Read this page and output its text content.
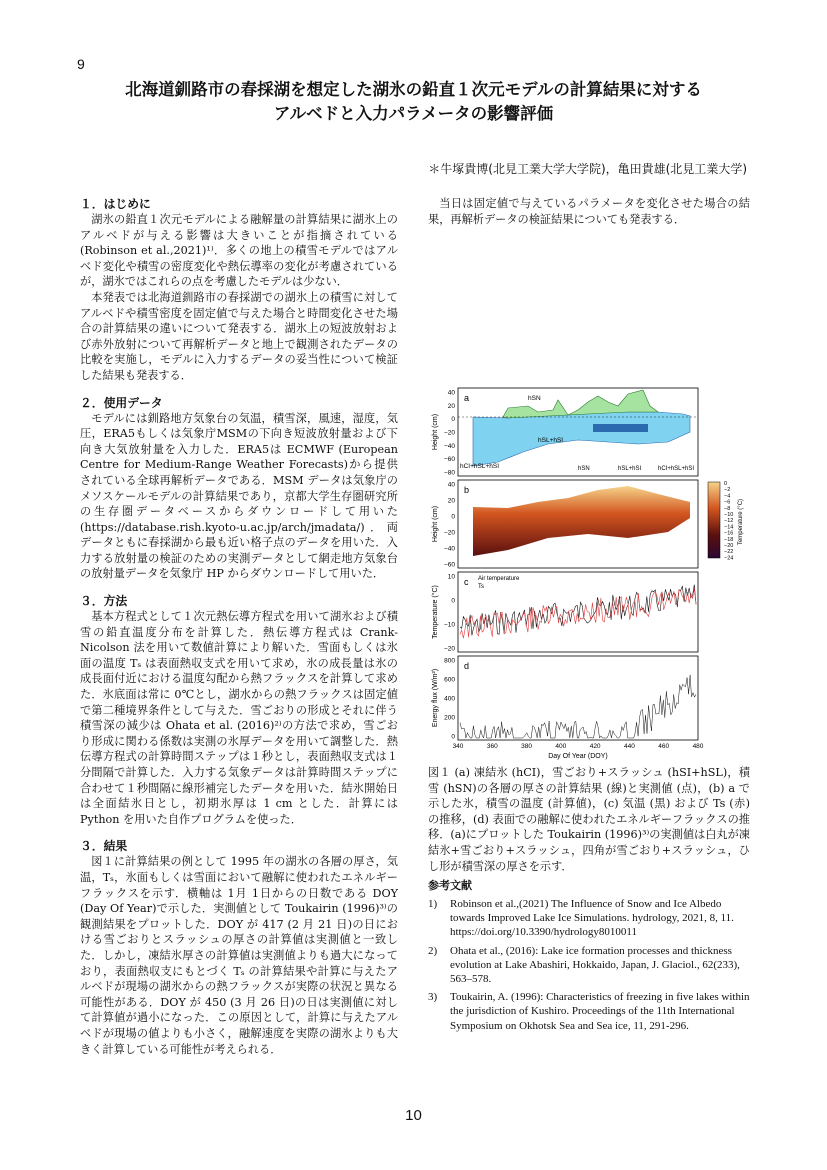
9
北海道釧路市の春採湖を想定した湖氷の鉛直１次元モデルの計算結果に対する
アルベドと入力パラメータの影響評価
＊牛塚貴博(北見工業大学大学院)，亀田貴雄(北見工業大学)
１．はじめに

湖氷の鉛直１次元モデルによる融解量の計算結果に湖氷上のアルベドが与える影響は大きいことが指摘されている(Robinson et al.,2021)¹⁾．多くの地上の積雪モデルではアルベド変化や積雪の密度変化や熱伝導率の変化が考慮されているが，湖氷ではこれらの点を考慮したモデルは少ない．

本発表では北海道釧路市の春採湖での湖氷上の積雪に対してアルベドや積雪密度を固定値で与えた場合と時間変化させた場合の計算結果の違いについて発表する．湖氷上の短波放射および赤外放射について再解析データと地上で観測されたデータの比較を実施し，モデルに入力するデータの妥当性について検証した結果も発表する．

２．使用データ

モデルには釧路地方気象台の気温，積雪深，風速，湿度，気圧，ERA5もしくは気象庁MSMの下向き短波放射量および下向き大気放射量を入力した．ERA5は ECMWF (European Centre for Medium-Range Weather Forecasts)から提供されている全球再解析データである．MSM データは気象庁のメソスケールモデルの計算結果であり，京都大学生存圏研究所の生存圏データベースからダウンロードして用いた(https://database.rish.kyoto-u.ac.jp/arch/jmadata/)．両データともに春採湖から最も近い格子点のデータを用いた．入力する放射量の検証のための実測データとして網走地方気象台の放射量データを気象庁 HP からダウンロードして用いた．

３．方法

基本方程式として１次元熱伝導方程式を用いて湖氷および積雪の鉛直温度分布を計算した．熱伝導方程式は Crank-Nicolson 法を用いて数値計算により解いた．雪面もしくは氷面の温度 Tₛ は表面熱収支式を用いて求め，氷の成長量は氷の成長面付近における温度勾配から熱フラックスを計算して求めた．氷底面は常に 0℃とし，湖水からの熱フラックスは固定値で第二種境界条件として与えた．雪ごおりの形成とそれに伴う積雪深の減少は Ohata et al. (2016)²⁾の方法で求め，雪ごおり形成に関わる係数は実測の氷厚データを用いて調整した．熱伝導方程式の計算時間ステップは１秒とし，表面熱収支式は１分間隔で計算した．入力する気象データは計算時間ステップに合わせて１秒間隔に線形補完したデータを用いた．結氷開始日は全面結氷日とし，初期氷厚は 1 cm とした．計算には Python を用いた自作プログラムを使った．

３．結果

図１に計算結果の例として 1995 年の湖氷の各層の厚さ，気温，Tₛ，氷面もしくは雪面において融解に使われたエネルギーフラックスを示す．横軸は 1月 1日からの日数である DOY (Day Of Year)で示した．実測値として Toukairin (1996)³⁾の観測結果をプロットした．DOY が 417 (2 月 21 日)の日における雪ごおりとスラッシュの厚さの計算値は実測値と一致した．しかし，凍結氷厚さの計算値は実測値よりも過大になっており，表面熱収支にもとづく Tₛ の計算結果や計算に与えたアルベドが現場の湖氷からの熱フラックスが実際の状況と異なる可能性がある．DOY が 450 (3 月 26 日)の日は実測値に対して計算値が過小になった．この原因として，計算に与えたアルベドが現場の値よりも小さく，融解速度を実際の湖氷よりも大きく計算している可能性が考えられる．

当日は固定値で与えているパラメータを変化させた場合の結果，再解析データの検証結果についても発表する．

a
Height (cm)
40
20
0
−20
−40
−60
−80
b
Height (cm)
40
20
0
−20
−40
−60
c
Temperature (°C)
10
0
−10
−20
d
Energy flux (W/m²)
800
600
400
200
0
340	360	380	400	420	440	460	480
Day Of Year (DOY)
hSN
hSL+hSI
hCI+hSL+hSI	hSN	hSL+hSI	hCI+hSL+hSI
Air temperature
Ts
0
−2
−4
−6
−8
−10
−12
−14
−16
−18
−20
−22
−24
Temperature (°C)
図１ (a) 凍結氷 (hCI)，雪ごおり+スラッシュ (hSI+hSL)，積雪 (hSN)の各層の厚さの計算結果 (線)と実測値 (点)，(b) a で示した氷，積雪の温度 (計算値)，(c) 気温 (黒) および Ts (赤) の推移，(d) 表面での融解に使われたエネルギーフラックスの推移．(a)にプロットした Toukairin (1996)³⁾の実測値は白丸が凍結氷+雪ごおり+スラッシュ，四角が雪ごおり+スラッシュ，ひし形が積雪深の厚さを示す．
参考文献
1) Robinson et al.,(2021) The Influence of Snow and Ice Albedo towards Improved Lake Ice Simulations. hydrology, 2021, 8, 11. https://doi.org/10.3390/hydrology8010011
2) Ohata et al., (2016): Lake ice formation processes and thickness evolution at Lake Abashiri, Hokkaido, Japan, J. Glaciol., 62(233), 563–578.
3) Toukairin, A. (1996): Characteristics of freezing in five lakes within the jurisdiction of Kushiro. Proceedings of the 11th International Symposium on Okhotsk Sea and Sea ice, 11, 291-296.
10
